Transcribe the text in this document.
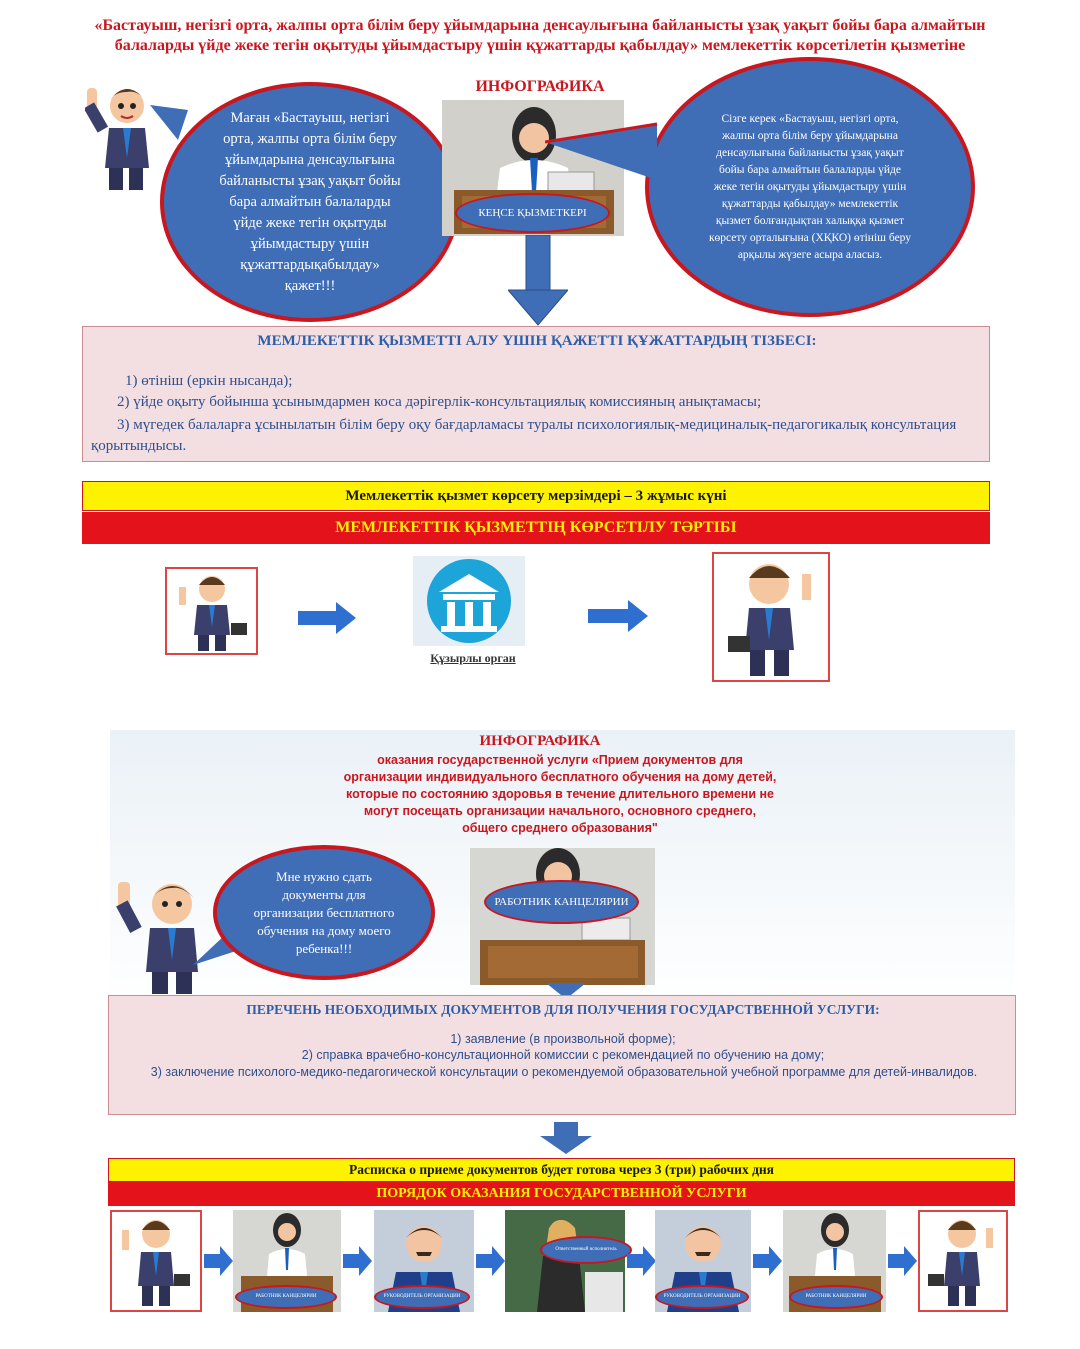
«Бастауыш, негізгі орта, жалпы орта білім беру ұйымдарына денсаулығына байланысты ұзақ уақыт бойы бара алмайтын балаларды үйде жеке тегін оқытуды ұйымдастыру үшін құжаттарды қабылдау» мемлекеттік көрсетілетін қызметіне
ИНФОГРАФИКА
Маған «Бастауыш, негізгі орта, жалпы орта білім беру ұйымдарына денсаулығына байланысты ұзақ уақыт бойы бара алмайтын балаларды үйде жеке тегін оқытуды ұйымдастыру үшін құжаттардықабылдау» қажет!!!
КЕҢСЕ ҚЫЗМЕТКЕРІ
Сізге керек «Бастауыш, негізгі орта, жалпы орта білім беру ұйымдарына денсаулығына байланысты ұзақ уақыт бойы бара алмайтын балаларды үйде жеке тегін оқытуды ұйымдастыру үшін құжаттарды қабылдау» мемлекеттік қызмет болғандықтан халыққа қызмет көрсету орталығына (ХҚКО) өтініш беру арқылы жүзеге асыра аласыз.
МЕМЛЕКЕТТІК ҚЫЗМЕТТІ АЛУ ҮШІН ҚАЖЕТТІ ҚҰЖАТТАРДЫҢ ТІЗБЕСІ:
1) өтініш (еркін нысанда);
2) үйде оқыту бойынша ұсынымдармен коса дәрігерлік-консультациялық комиссияның анықтамасы;
3) мүгедек балаларға ұсынылатын білім беру оқу бағдарламасы туралы психологиялық-медициналық-педагогикалық консультация қорытындысы.
Мемлекеттік қызмет көрсету мерзімдері – 3 жұмыс күні
МЕМЛЕКЕТТІК ҚЫЗМЕТТІҢ КӨРСЕТІЛУ ТӘРТІБІ
Құзырлы орган
ИНФОГРАФИКА
оказания государственной услуги «Прием документов для
организации индивидуального бесплатного обучения на дому детей,
которые по состоянию здоровья в течение длительного времени не
могут посещать организации начального, основного среднего,
общего среднего образования"
Мне нужно сдать документы для организации бесплатного обучения на дому моего ребенка!!!
РАБОТНИК КАНЦЕЛЯРИИ
ПЕРЕЧЕНЬ НЕОБХОДИМЫХ ДОКУМЕНТОВ ДЛЯ ПОЛУЧЕНИЯ ГОСУДАРСТВЕННОЙ УСЛУГИ:
1) заявление (в произвольной форме);
2) справка врачебно-консультационной комиссии с рекомендацией по обучению на дому;
3) заключение психолого-медико-педагогической консультации о рекомендуемой образовательной учебной программе для детей-инвалидов.
Расписка о приеме документов будет готова через 3 (три) рабочих дня
ПОРЯДОК ОКАЗАНИЯ ГОСУДАРСТВЕННОЙ УСЛУГИ
РАБОТНИК КАНЦЕЛЯРИИ	РУКОВОДИТЕЛЬ ОРГАНИЗАЦИИ
Ответственный исполнитель
РУКОВОДИТЕЛЬ ОРГАНИЗАЦИИ	РАБОТНИК КАНЦЕЛЯРИИ
